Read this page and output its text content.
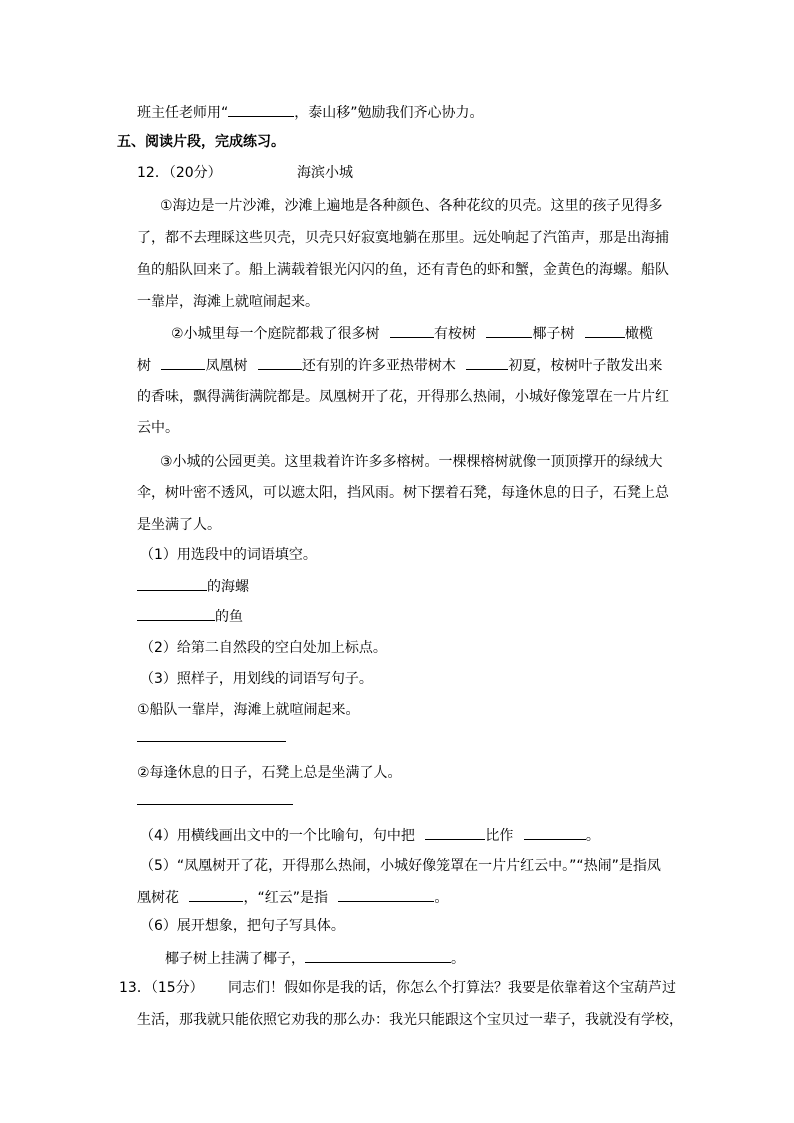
班主任老师用“	，泰山移”勉励我们齐心协力。
五、阅读片段，完成练习。
12．（20分）	海滨小城
①海边是一片沙滩，沙滩上遍地是各种颜色、各种花纹的贝壳。这里的孩子见得多
了，都不去理睬这些贝壳，贝壳只好寂寞地躺在那里。远处响起了汽笛声，那是出海捕
鱼的船队回来了。船上满载着银光闪闪的鱼，还有青色的虾和蟹，金黄色的海螺。船队
一靠岸，海滩上就喧闹起来。
②小城里每一个庭院都栽了很多树	有桉树	椰子树	橄榄
树	凤凰树	还有别的许多亚热带树木	初夏，桉树叶子散发出来
的香味，飘得满街满院都是。凤凰树开了花，开得那么热闹，小城好像笼罩在一片片红
云中。
③小城的公园更美。这里栽着许许多多榕树。一棵棵榕树就像一顶顶撑开的绿绒大
伞，树叶密不透风，可以遮太阳，挡风雨。树下摆着石凳，每逢休息的日子，石凳上总
是坐满了人。
（1）用选段中的词语填空。
的海螺
的鱼
（2）给第二自然段的空白处加上标点。
（3）照样子，用划线的词语写句子。
①船队一靠岸，海滩上就喧闹起来。
②每逢休息的日子，石凳上总是坐满了人。
（4）用横线画出文中的一个比喻句，句中把	比作	。
（5）“凤凰树开了花，开得那么热闹，小城好像笼罩在一片片红云中。”“热闹”是指凤
凰树花	，“红云”是指	。
（6）展开想象，把句子写具体。
椰子树上挂满了椰子，	。
13．（15分） 同志们！假如你是我的话，你怎么个打算法？我要是依靠着这个宝葫芦过
生活，那我就只能依照它劝我的那么办：我光只能跟这个宝贝过一辈子，我就没有学校，
